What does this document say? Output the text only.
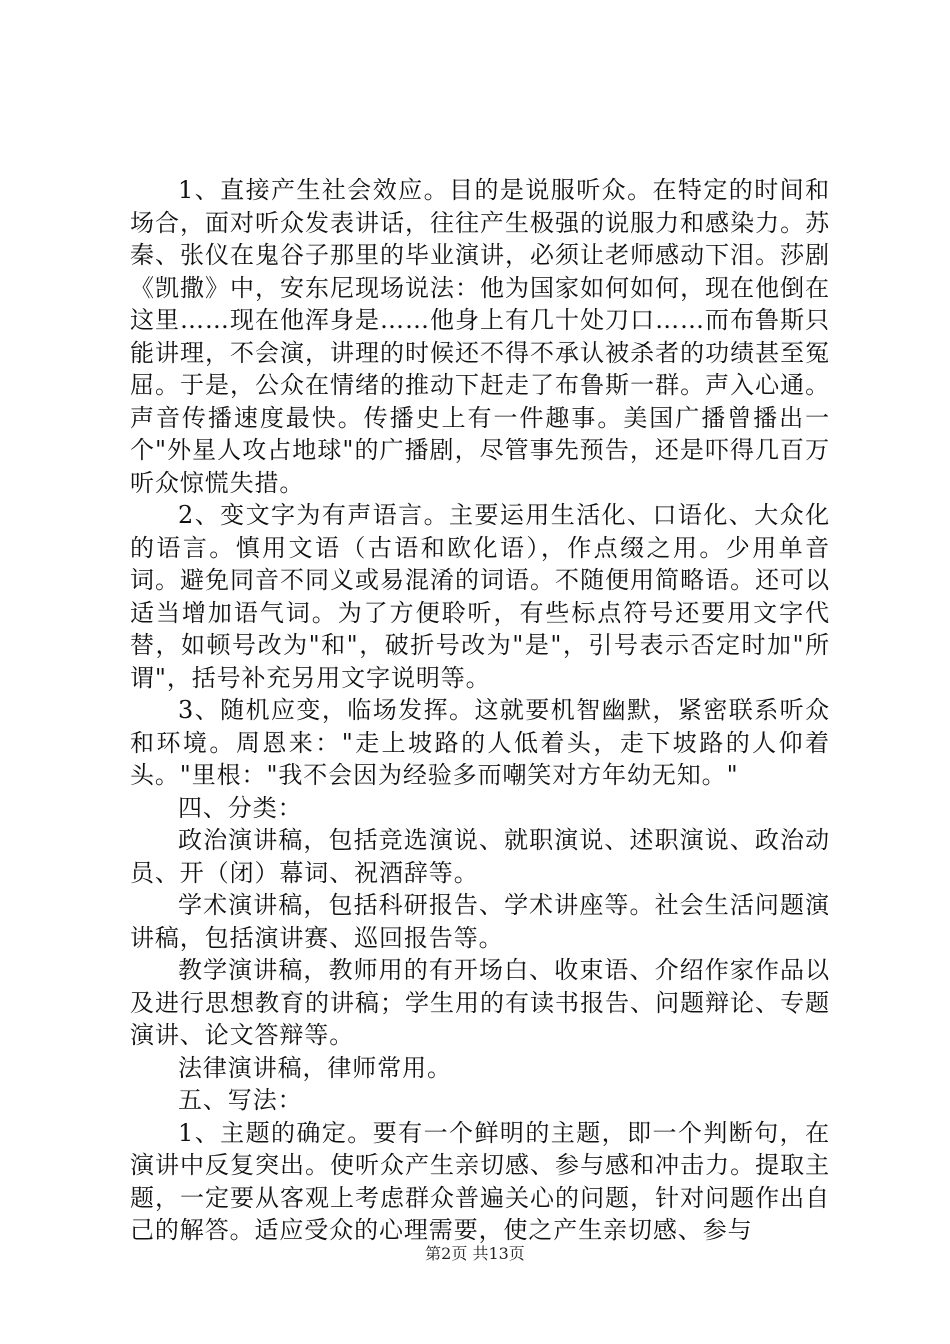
1、直接产生社会效应。目的是说服听众。在特定的时间和场合，面对听众发表讲话，往往产生极强的说服力和感染力。苏秦、张仪在鬼谷子那里的毕业演讲，必须让老师感动下泪。莎剧《凯撒》中，安东尼现场说法：他为国家如何如何，现在他倒在这里……现在他浑身是……他身上有几十处刀口……而布鲁斯只能讲理，不会演，讲理的时候还不得不承认被杀者的功绩甚至冤屈。于是，公众在情绪的推动下赶走了布鲁斯一群。声入心通。声音传播速度最快。传播史上有一件趣事。美国广播曾播出一个"外星人攻占地球"的广播剧，尽管事先预告，还是吓得几百万听众惊慌失措。

2、变文字为有声语言。主要运用生活化、口语化、大众化的语言。慎用文语（古语和欧化语），作点缀之用。少用单音词。避免同音不同义或易混淆的词语。不随便用简略语。还可以适当增加语气词。为了方便聆听，有些标点符号还要用文字代替，如顿号改为"和"，破折号改为"是"，引号表示否定时加"所谓"，括号补充另用文字说明等。

3、随机应变，临场发挥。这就要机智幽默，紧密联系听众和环境。周恩来："走上坡路的人低着头，走下坡路的人仰着头。"里根："我不会因为经验多而嘲笑对方年幼无知。"

四、分类：

政治演讲稿，包括竞选演说、就职演说、述职演说、政治动员、开（闭）幕词、祝酒辞等。

学术演讲稿，包括科研报告、学术讲座等。社会生活问题演讲稿，包括演讲赛、巡回报告等。

教学演讲稿，教师用的有开场白、收束语、介绍作家作品以及进行思想教育的讲稿；学生用的有读书报告、问题辩论、专题演讲、论文答辩等。

法律演讲稿，律师常用。

五、写法：

1、主题的确定。要有一个鲜明的主题，即一个判断句，在演讲中反复突出。使听众产生亲切感、参与感和冲击力。提取主题，一定要从客观上考虑群众普遍关心的问题，针对问题作出自己的解答。适应受众的心理需要，使之产生亲切感、参与

第2页 共13页
